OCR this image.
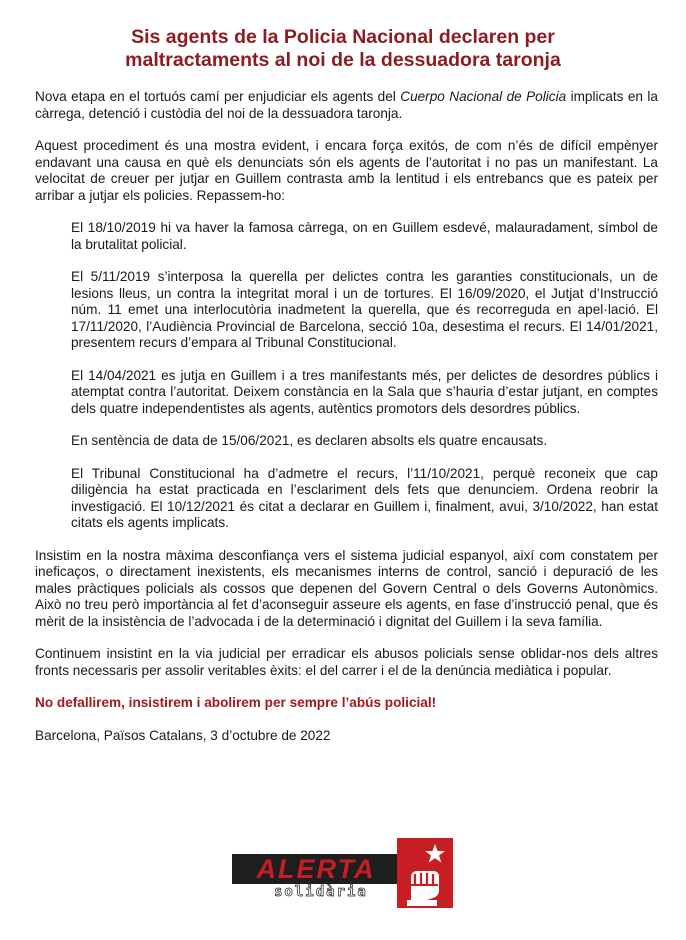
Sis agents de la Policia Nacional declaren per
maltractaments al noi de la dessuadora taronja

Nova etapa en el tortuós camí per enjudiciar els agents del Cuerpo Nacional de Policia implicats en la càrrega, detenció i custòdia del noi de la dessuadora taronja.

Aquest procediment és una mostra evident, i encara força exitós, de com n’és de difícil empènyer endavant una causa en què els denunciats són els agents de l’autoritat i no pas un manifestant. La velocitat de creuer per jutjar en Guillem contrasta amb la lentitud i els entrebancs que es pateix per arribar a jutjar els policies. Repassem-ho:

El 18/10/2019 hi va haver la famosa càrrega, on en Guillem esdevé, malauradament, símbol de la brutalitat policial.

El 5/11/2019 s’interposa la querella per delictes contra les garanties constitucionals, un de lesions lleus, un contra la integritat moral i un de tortures. El 16/09/2020, el Jutjat d’Instrucció núm. 11 emet una interlocutòria inadmetent la querella, que és recorreguda en apel·lació. El 17/11/2020, l’Audiència Provincial de Barcelona, secció 10a, desestima el recurs. El 14/01/2021, presentem recurs d’empara al Tribunal Constitucional.

El 14/04/2021 es jutja en Guillem i a tres manifestants més, per delictes de desordres públics i atemptat contra l’autoritat. Deixem constància en la Sala que s’hauria d’estar jutjant, en comptes dels quatre independentistes als agents, autèntics promotors dels desordres públics.

En sentència de data de 15/06/2021, es declaren absolts els quatre encausats.

El Tribunal Constitucional ha d’admetre el recurs, l’11/10/2021, perquè reconeix que cap diligència ha estat practicada en l’esclariment dels fets que denunciem. Ordena reobrir la investigació. El 10/12/2021 és citat a declarar en Guillem i, finalment, avui, 3/10/2022, han estat citats els agents implicats.

Insistim en la nostra màxima desconfiança vers el sistema judicial espanyol, així com constatem per ineficaços, o directament inexistents, els mecanismes interns de control, sanció i depuració de les males pràctiques policials als cossos que depenen del Govern Central o dels Governs Autonòmics. Això no treu però importància al fet d’aconseguir asseure els agents, en fase d’instrucció penal, que és mèrit de la insistència de l’advocada i de la determinació i dignitat del Guillem i la seva família.

Continuem insistint en la via judicial per erradicar els abusos policials sense oblidar-nos dels altres fronts necessaris per assolir veritables èxits: el del carrer i el de la denúncia mediàtica i popular.

No defallirem, insistirem i abolirem per sempre l’abús policial!

Barcelona, Països Catalans, 3 d’octubre de 2022

ALERTA
solidària
